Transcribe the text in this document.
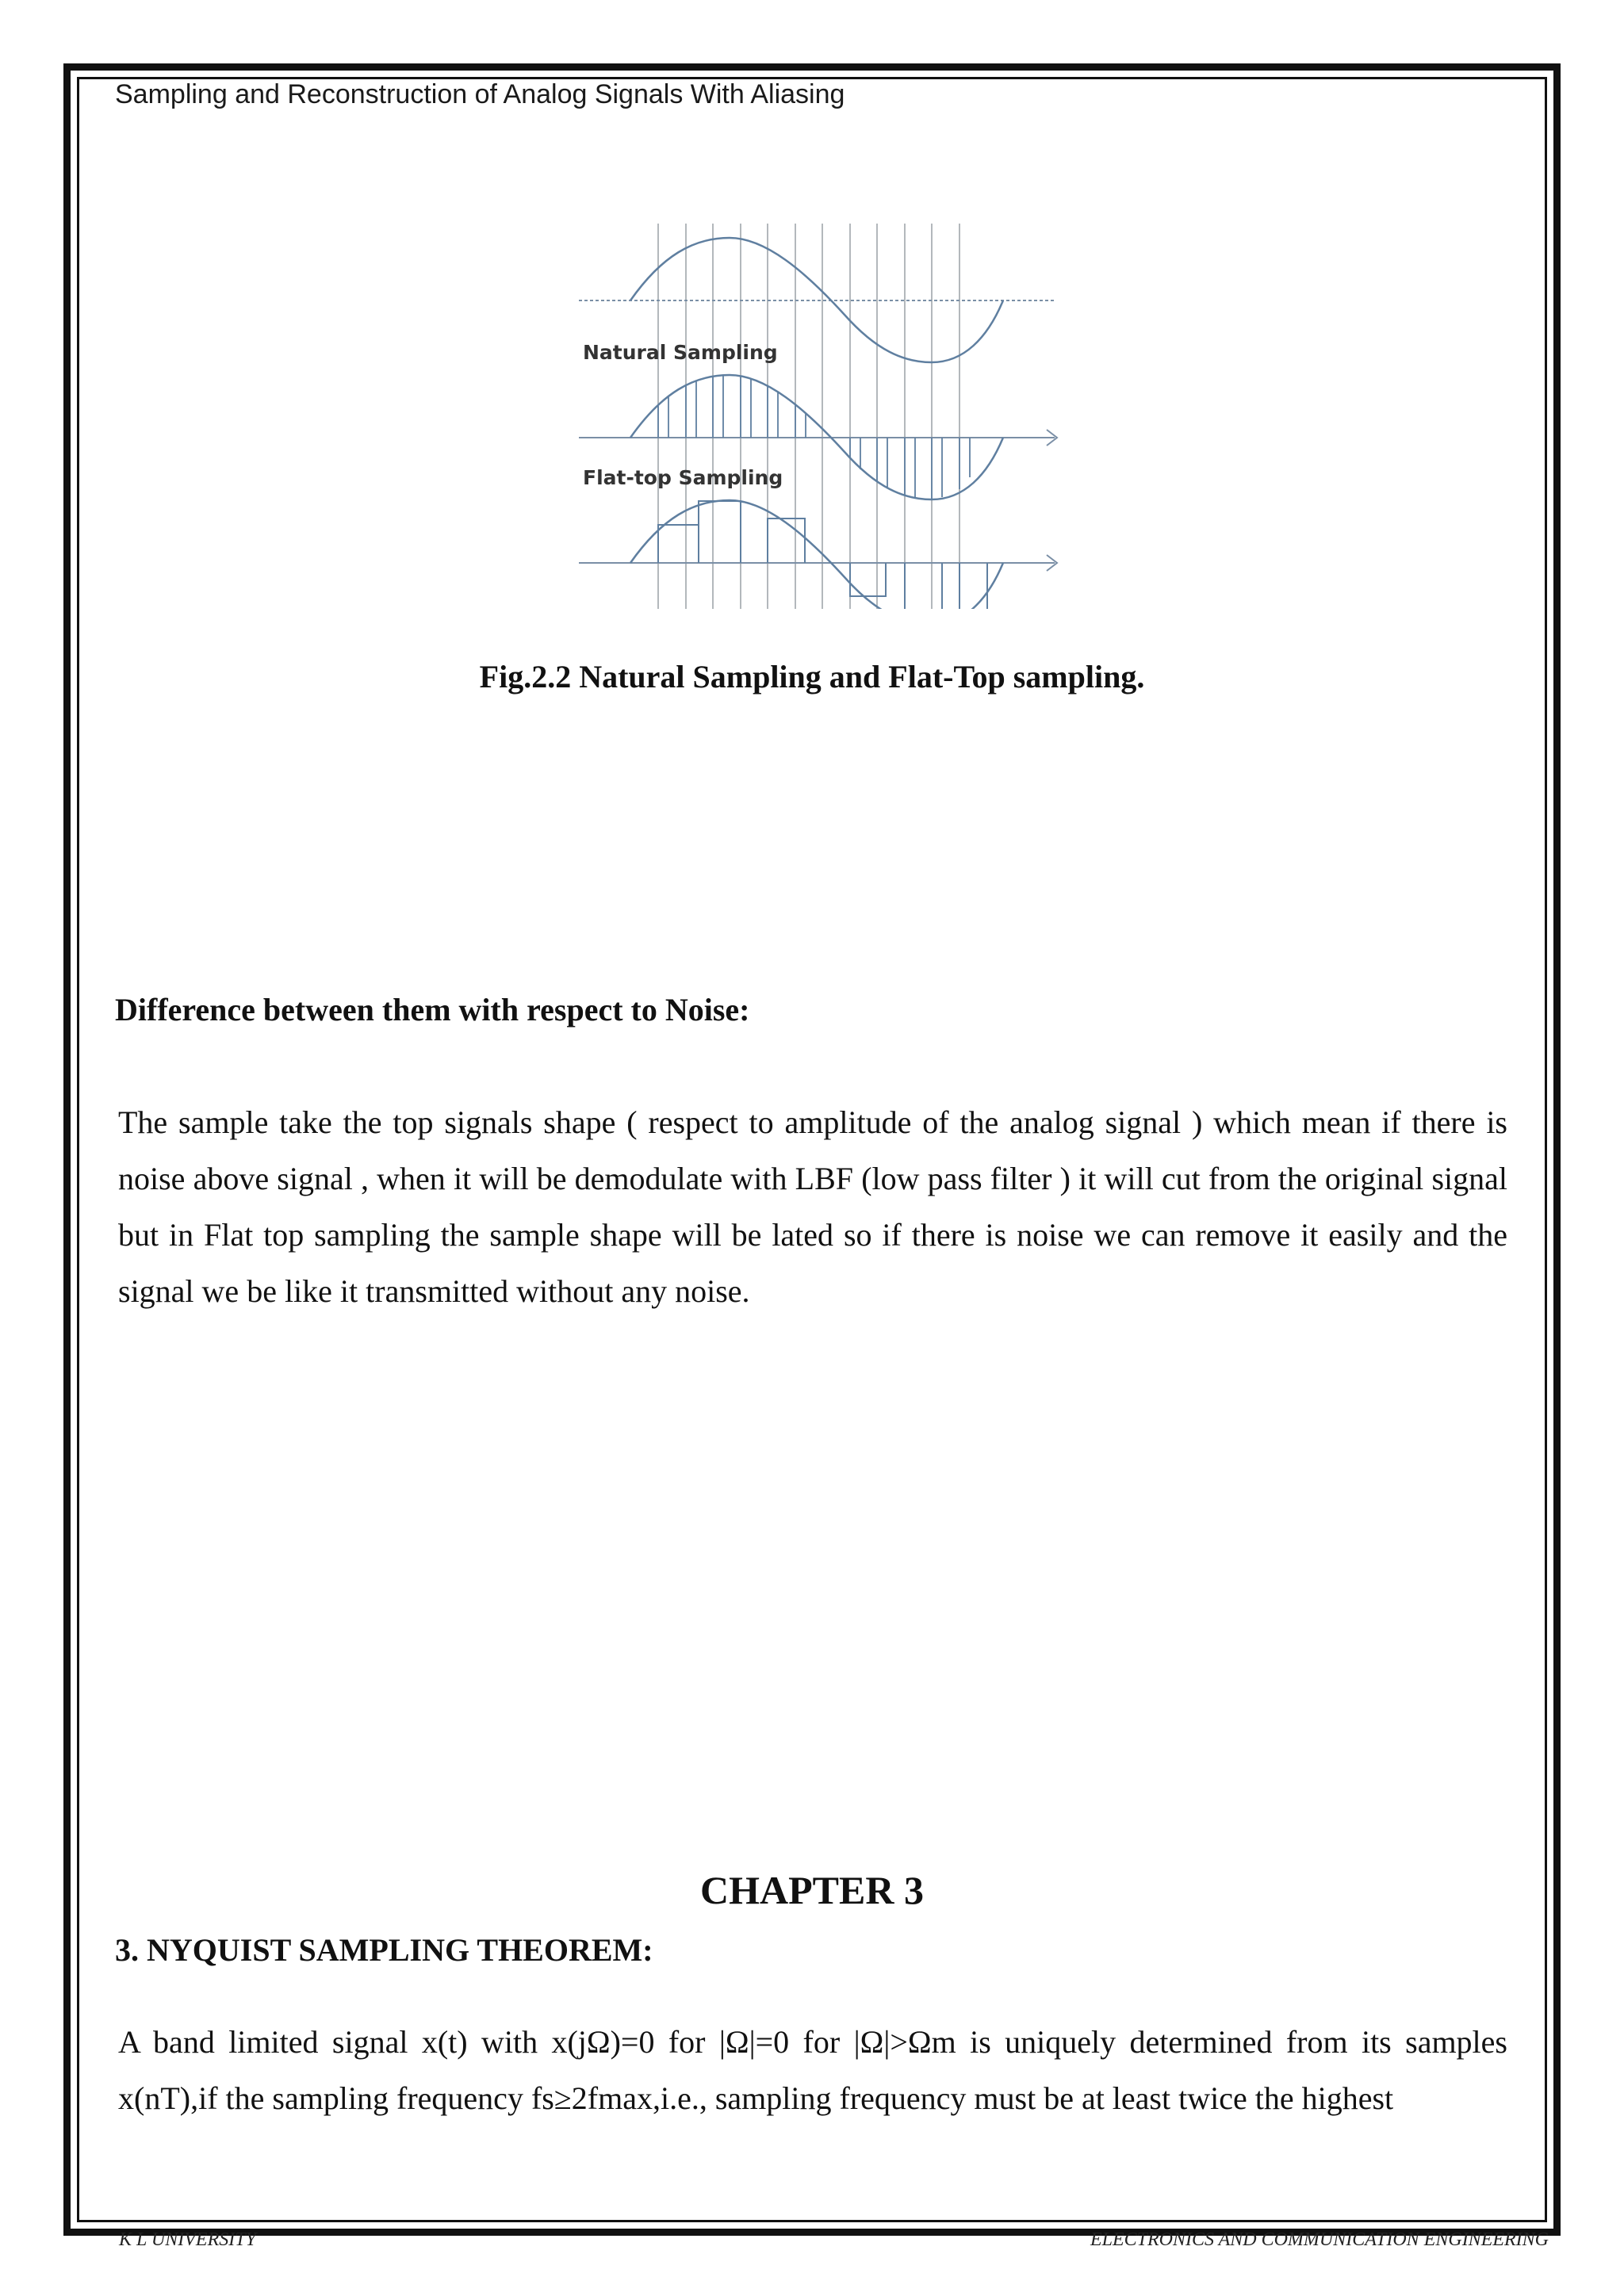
Sampling and Reconstruction of Analog Signals With Aliasing
Natural Sampling
Flat-top Sampling
Fig.2.2 Natural Sampling and Flat-Top sampling.
Difference between them with respect to Noise:

The sample take the top signals shape ( respect to amplitude of the analog signal ) which mean if there is noise above signal , when it will be demodulate with LBF (low pass filter ) it will cut from the original signal but in Flat top sampling the sample shape will be lated so if there is noise we can remove it easily and the signal we be like it transmitted without any noise.

CHAPTER 3
3. NYQUIST SAMPLING THEOREM:

A band limited signal x(t) with x(jΩ)=0 for |Ω|=0 for |Ω|>Ωm is uniquely determined from its samples x(nT),if the sampling frequency fs≥2fmax,i.e., sampling frequency must be at least twice the highest

K L UNIVERSITY	ELECTRONICS AND COMMUNICATION ENGINEERING
